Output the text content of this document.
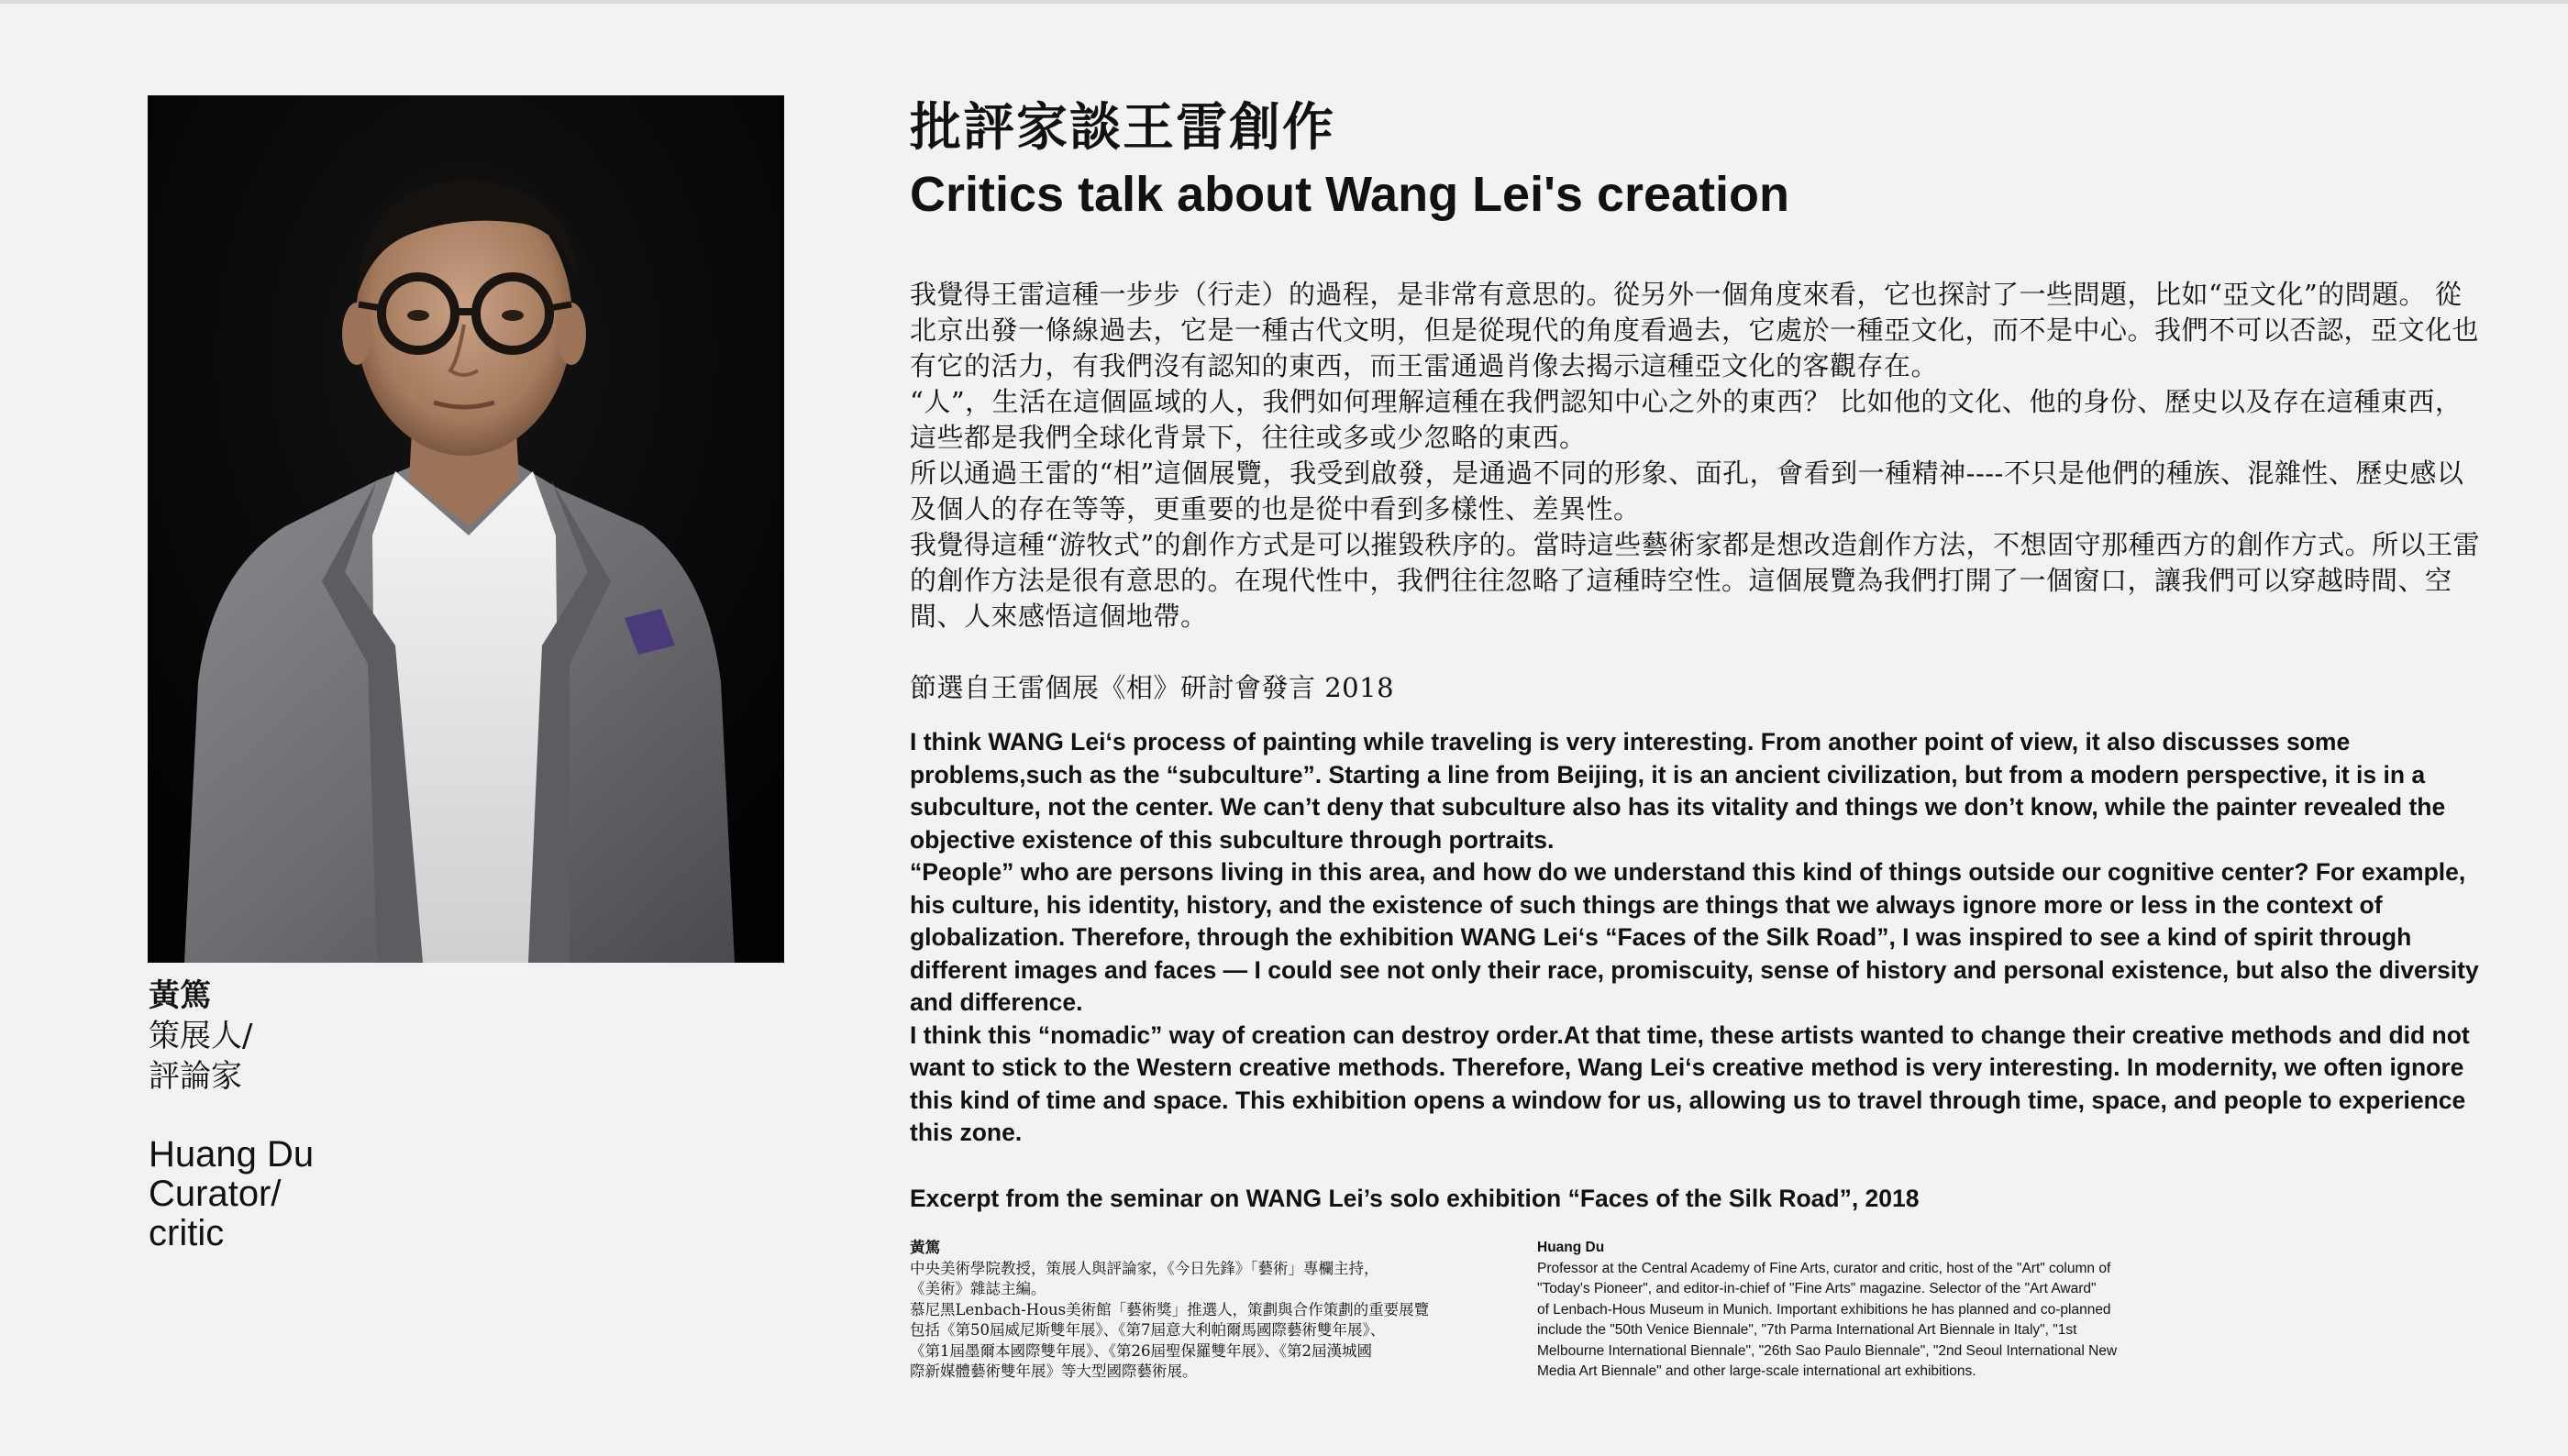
黃篤
策展人/
評論家
Huang Du
Curator/
critic
批評家談王雷創作
Critics talk about Wang Lei's creation

我覺得王雷這種一步步（行走）的過程，是非常有意思的。從另外一個角度來看，它也探討了一些問題，比如“亞文化”的問題。 從北京出發一條線過去，它是一種古代文明，但是從現代的角度看過去，它處於一種亞文化，而不是中心。我們不可以否認，亞文化也有它的活力，有我們沒有認知的東西，而王雷通過肖像去揭示這種亞文化的客觀存在。

“人”，生活在這個區域的人，我們如何理解這種在我們認知中心之外的東西？ 比如他的文化、他的身份、歷史以及存在這種東西，這些都是我們全球化背景下，往往或多或少忽略的東西。

所以通過王雷的“相”這個展覽，我受到啟發，是通過不同的形象、面孔，會看到一種精神----不只是他們的種族、混雜性、歷史感以及個人的存在等等，更重要的也是從中看到多樣性、差異性。

我覺得這種“游牧式”的創作方式是可以摧毀秩序的。當時這些藝術家都是想改造創作方法，不想固守那種西方的創作方式。所以王雷的創作方法是很有意思的。在現代性中，我們往往忽略了這種時空性。這個展覽為我們打開了一個窗口，讓我們可以穿越時間、空間、人來感悟這個地帶。

節選自王雷個展《相》研討會發言 2018

I think WANG Lei‘s process of painting while traveling is very interesting. From another point of view, it also discusses some problems,such as the “subculture”. Starting a line from Beijing, it is an ancient civilization, but from a modern perspective, it is in a subculture, not the center. We can’t deny that subculture also has its vitality and things we don’t know, while the painter revealed the objective existence of this subculture through portraits.

“People” who are persons living in this area, and how do we understand this kind of things outside our cognitive center? For example, his culture, his identity, history, and the existence of such things are things that we always ignore more or less in the context of globalization. Therefore, through the exhibition WANG Lei‘s “Faces of the Silk Road”, I was inspired to see a kind of spirit through different images and faces — I could see not only their race, promiscuity, sense of history and personal existence, but also the diversity and difference.

I think this “nomadic” way of creation can destroy order.At that time, these artists wanted to change their creative methods and did not want to stick to the Western creative methods. Therefore, Wang Lei‘s creative method is very interesting. In modernity, we often ignore this kind of time and space. This exhibition opens a window for us, allowing us to travel through time, space, and people to experience this zone.

Excerpt from the seminar on WANG Lei’s solo exhibition “Faces of the Silk Road”, 2018
黃篤

中央美術學院教授，策展人與評論家，《今日先鋒》「藝術」專欄主持，

《美術》雜誌主編。

慕尼黑Lenbach-Hous美術館「藝術獎」推選人，策劃與合作策劃的重要展覽

包括《第50屆威尼斯雙年展》、《第7屆意大利帕爾馬國際藝術雙年展》、

《第1屆墨爾本國際雙年展》、《第26屆聖保羅雙年展》、《第2屆漢城國

際新媒體藝術雙年展》等大型國際藝術展。

Huang Du

Professor at the Central Academy of Fine Arts, curator and critic, host of the "Art" column of

"Today's Pioneer", and editor-in-chief of "Fine Arts" magazine. Selector of the "Art Award"

of Lenbach-Hous Museum in Munich. Important exhibitions he has planned and co-planned

include the "50th Venice Biennale", "7th Parma International Art Biennale in Italy", "1st

Melbourne International Biennale", "26th Sao Paulo Biennale", "2nd Seoul International New

Media Art Biennale" and other large-scale international art exhibitions.
